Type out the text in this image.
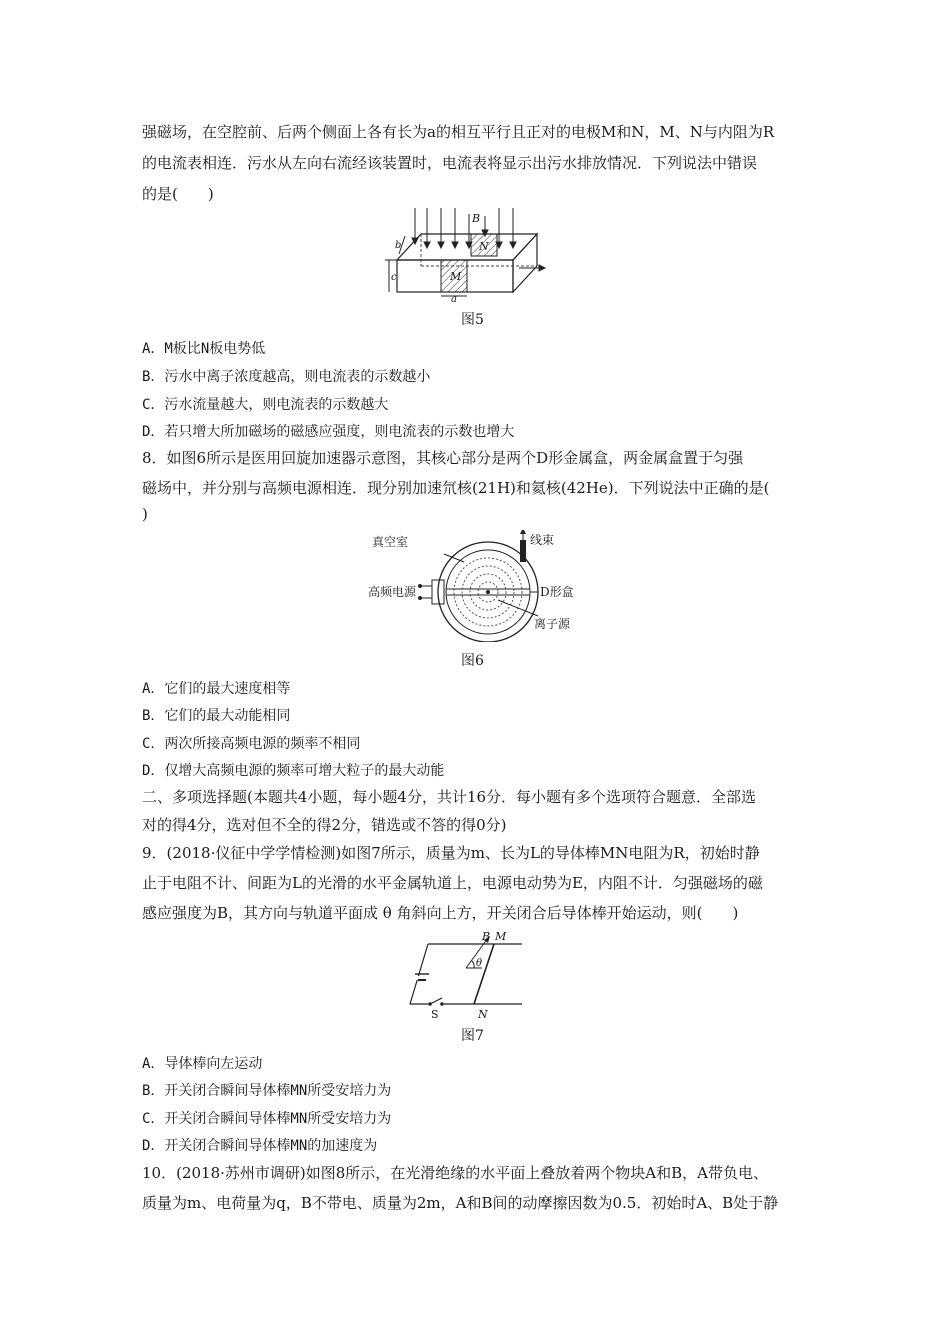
强磁场，在空腔前、后两个侧面上各有长为a的相互平行且正对的电极M和N，M、N与内阻为R
的电流表相连．污水从左向右流经该装置时，电流表将显示出污水排放情况．下列说法中错误
的是(　　)
B
N
M
a
b
c
图5
A．M板比N板电势低
B．污水中离子浓度越高，则电流表的示数越小
C．污水流量越大，则电流表的示数越大
D．若只增大所加磁场的磁感应强度，则电流表的示数也增大
8．如图6所示是医用回旋加速器示意图，其核心部分是两个D形金属盒，两金属盒置于匀强
磁场中，并分别与高频电源相连．现分别加速氘核(21H)和氦核(42He)．下列说法中正确的是(
)
真空室	线束
高频电源	D形盒
离子源
图6
A．它们的最大速度相等
B．它们的最大动能相同
C．两次所接高频电源的频率不相同
D．仅增大高频电源的频率可增大粒子的最大动能
二、多项选择题(本题共4小题，每小题4分，共计16分．每小题有多个选项符合题意．全部选
对的得4分，选对但不全的得2分，错选或不答的得0分)
9．(2018·仪征中学学情检测)如图7所示，质量为m、长为L的导体棒MN电阻为R，初始时静
止于电阻不计、间距为L的光滑的水平金属轨道上，电源电动势为E，内阻不计．匀强磁场的磁
感应强度为B，其方向与轨道平面成 θ 角斜向上方，开关闭合后导体棒开始运动，则(　　)
B M
θ
S	N
图7
A．导体棒向左运动
B．开关闭合瞬间导体棒MN所受安培力为
C．开关闭合瞬间导体棒MN所受安培力为
D．开关闭合瞬间导体棒MN的加速度为
10．(2018·苏州市调研)如图8所示，在光滑绝缘的水平面上叠放着两个物块A和B，A带负电、
质量为m、电荷量为q，B不带电、质量为2m，A和B间的动摩擦因数为0.5．初始时A、B处于静
